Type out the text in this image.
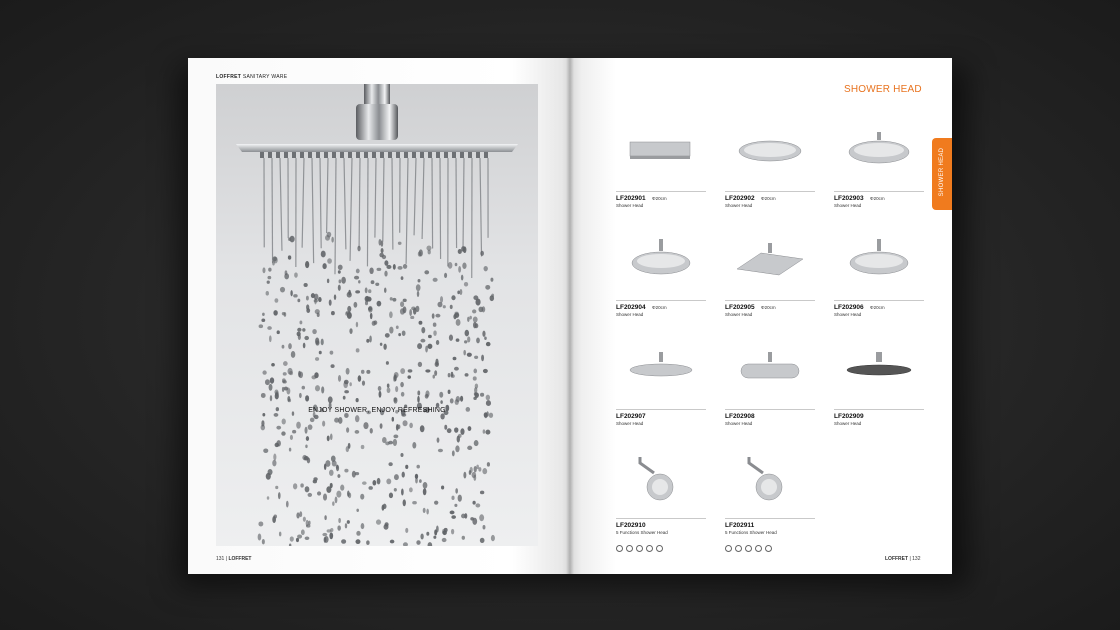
LOFFRET SANITARY WARE
ENJOY SHOWER, ENJOY REFRESHING
131 | LOFFRET
SHOWER HEAD
SHOWER HEAD
LF202901 Φ20cm
Shower Head
LF202902 Φ20cm
Shower Head
LF202903 Φ20cm
Shower Head
LF202904 Φ20cm
Shower Head
LF202905 Φ20cm
Shower Head
LF202906 Φ20cm
Shower Head
LF202907
Shower Head
LF202908
Shower Head
LF202909
Shower Head
LF202910
5 Functions Shower Head
LF202911
5 Functions Shower Head
LOFFRET | 132
